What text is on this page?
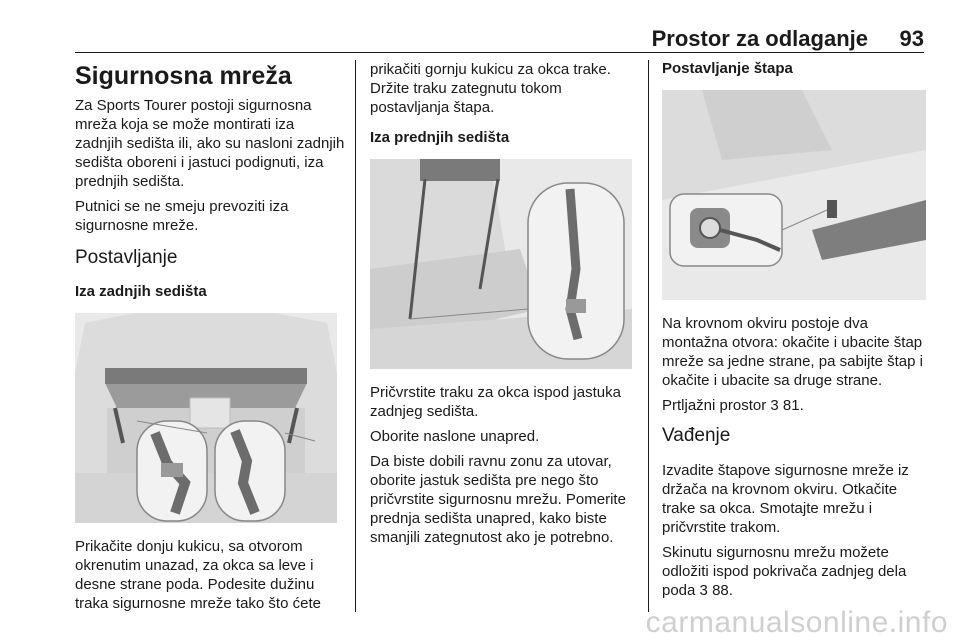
Prostor za odlaganje 93
Sigurnosna mreža

Za Sports Tourer postoji sigurnosna mreža koja se može montirati iza zadnjih sedišta ili, ako su nasloni zadnjih sedišta oboreni i jastuci podignuti, iza prednjih sedišta.

Putnici se ne smeju prevoziti iza sigurnosne mreže.

Postavljanje
Iza zadnjih sedišta

Prikačite donju kukicu, sa otvorom okrenutim unazad, za okca sa leve i desne strane poda. Podesite dužinu traka sigurnosne mreže tako što ćete

prikačiti gornju kukicu za okca trake. Držite traku zategnutu tokom postavljanja štapa.

Iza prednjih sedišta

Pričvrstite traku za okca ispod jastuka zadnjeg sedišta.

Oborite naslone unapred.

Da biste dobili ravnu zonu za utovar, oborite jastuk sedišta pre nego što pričvrstite sigurnosnu mrežu. Pomerite prednja sedišta unapred, kako biste smanjili zategnutost ako je potrebno.

Postavljanje štapa

Na krovnom okviru postoje dva montažna otvora: okačite i ubacite štap mreže sa jedne strane, pa sabijte štap i okačite i ubacite sa druge strane.

Prtljažni prostor 3 81.

Vađenje

Izvadite štapove sigurnosne mreže iz držača na krovnom okviru. Otkačite trake sa okca. Smotajte mrežu i pričvrstite trakom.

Skinutu sigurnosnu mrežu možete odložiti ispod pokrivača zadnjeg dela poda 3 88.

carmanualsonline.info
